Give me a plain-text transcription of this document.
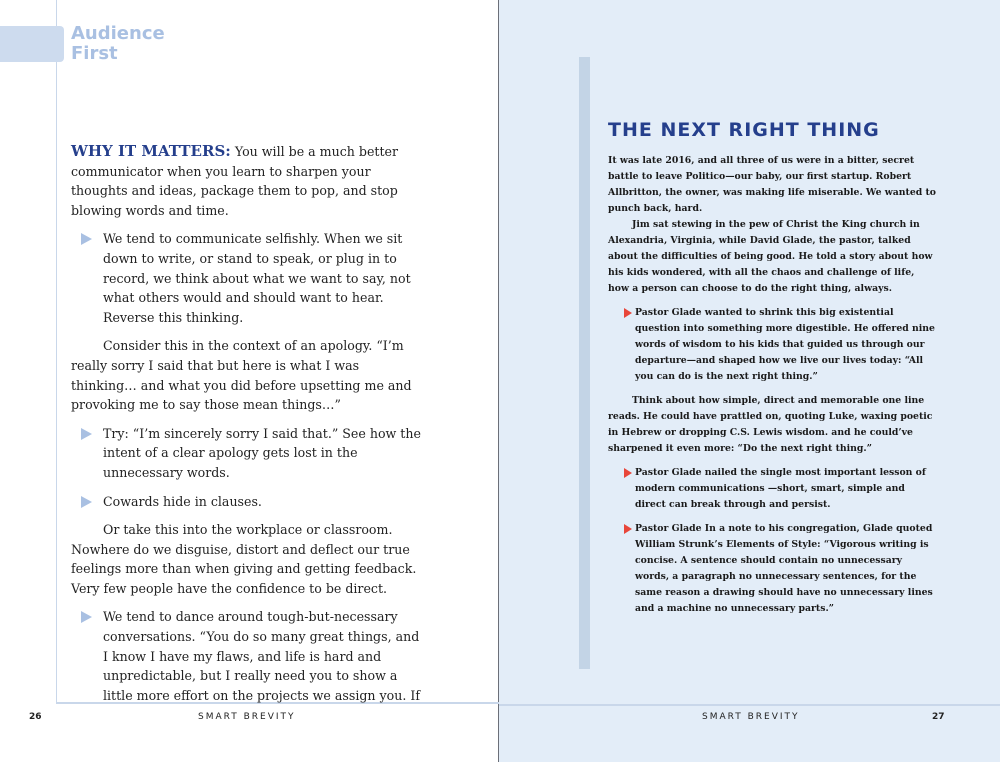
Audience
First

WHY IT MATTERS: You will be a much better communicator when you learn to sharpen your thoughts and ideas, package them to pop, and stop blowing words and time.

We tend to communicate selfishly. When we sit down to write, or stand to speak, or plug in to record, we think about what we want to say, not what others would and should want to hear. Reverse this thinking.

Consider this in the context of an apology. “I’m really sorry I said that but here is what I was thinking… and what you did before upsetting me and provoking me to say those mean things…”

Try: “I’m sincerely sorry I said that.” See how the intent of a clear apology gets lost in the unnecessary words.
Cowards hide in clauses.

Or take this into the workplace or classroom. Nowhere do we disguise, distort and deflect our true feelings more than when giving and getting feedback. Very few people have the confidence to be direct.

We tend to dance around tough-but-necessary conversations. “You do so many great things, and I know I have my flaws, and life is hard and unpredictable, but I really need you to show a little more effort on the projects we assign you. If
THE NEXT RIGHT THING

It was late 2016, and all three of us were in a bitter, secret battle to leave Politico—our baby, our first startup. Robert Allbritton, the owner, was making life miserable. We wanted to punch back, hard.

Jim sat stewing in the pew of Christ the King church in Alexandria, Virginia, while David Glade, the pastor, talked about the difficulties of being good. He told a story about how his kids wondered, with all the chaos and challenge of life, how a person can choose to do the right thing, always.

Pastor Glade wanted to shrink this big existential question into something more digestible. He offered nine words of wisdom to his kids that guided us through our departure—and shaped how we live our lives today: “All you can do is the next right thing.”

Think about how simple, direct and memorable one line reads. He could have prattled on, quoting Luke, waxing poetic in Hebrew or dropping C.S. Lewis wisdom. and he could’ve sharpened it even more: “Do the next right thing.”

Pastor Glade nailed the single most important lesson of modern communications —short, smart, simple and direct can break through and persist.
Pastor Glade In a note to his congregation, Glade quoted William Strunk’s Elements of Style: “Vigorous writing is concise. A sentence should contain no unnecessary words, a paragraph no unnecessary sentences, for the same reason a drawing should have no unnecessary lines and a machine no unnecessary parts.”
26	SMART BREVITY	SMART BREVITY	27
